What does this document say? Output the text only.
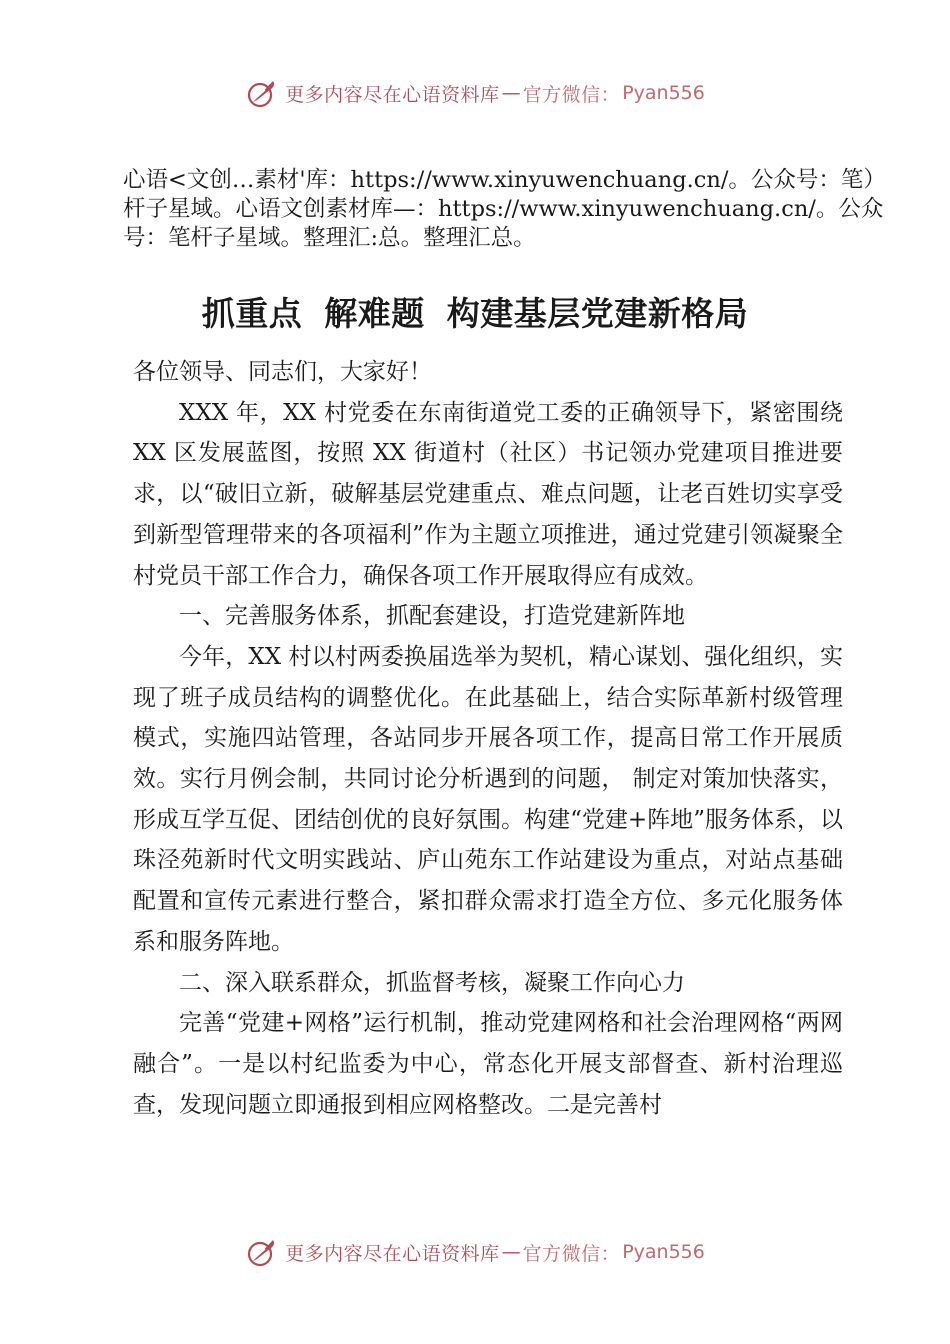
更多内容尽在心语资料库 — 官方微信： Pyan556

心语<文创…素材'库：https://www.xinyuwenchuang.cn/。公众号：笔）杆子星域。心语文创素材库—：https://www.xinyuwenchuang.cn/。公众号：笔杆子星域。整理汇:总。整理汇总。

抓重点 解难题 构建基层党建新格局

各位领导、同志们，大家好！

XXX 年，XX 村党委在东南街道党工委的正确领导下，紧密围绕 XX 区发展蓝图，按照 XX 街道村（社区）书记领办党建项目推进要求，以“破旧立新，破解基层党建重点、难点问题，让老百姓切实享受到新型管理带来的各项福利”作为主题立项推进，通过党建引领凝聚全村党员干部工作合力，确保各项工作开展取得应有成效。

一、完善服务体系，抓配套建设，打造党建新阵地

今年，XX 村以村两委换届选举为契机，精心谋划、强化组织，实现了班子成员结构的调整优化。在此基础上，结合实际革新村级管理模式，实施四站管理，各站同步开展各项工作，提高日常工作开展质效。实行月例会制，共同讨论分析遇到的问题， 制定对策加快落实，形成互学互促、团结创优的良好氛围。构建“党建+阵地”服务体系，以珠泾苑新时代文明实践站、庐山苑东工作站建设为重点，对站点基础配置和宣传元素进行整合，紧扣群众需求打造全方位、多元化服务体系和服务阵地。

二、深入联系群众，抓监督考核，凝聚工作向心力

完善“党建+网格”运行机制，推动党建网格和社会治理网格“两网融合”。一是以村纪监委为中心，常态化开展支部督查、新村治理巡查，发现问题立即通报到相应网格整改。二是完善村

更多内容尽在心语资料库 — 官方微信： Pyan556
